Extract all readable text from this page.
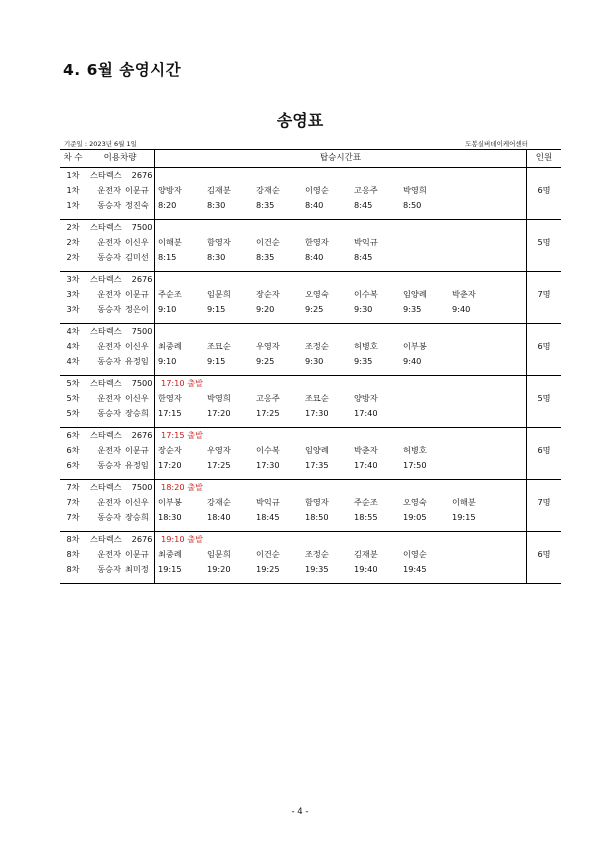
4. 6월 송영시간
송영표
기준일 : 2023년 6월 1일	도봉실버데이케어센터
차 수	이용차량	탑승시간표	인원
1차	스타렉스 2676		
1차	운전자 이문규	양방자 김재분 강재순 이영순 고응주 박영희	6명
1차	동승자 정진숙	8:20 8:30 8:35 8:40 8:45 8:50	

2차	스타렉스 7500		
2차	운전자 이신우	이해분 함영자 이건순 한영자 박익규	5명
2차	동승자 김미선	8:15 8:30 8:35 8:40 8:45	

3차	스타렉스 2676		
3차	운전자 이문규	주순조 임문희 장순자 오영숙 이수복 임양례 박춘자	7명
3차	동승자 정은이	9:10 9:15 9:20 9:25 9:30 9:35 9:40	

4차	스타렉스 7500		
4차	운전자 이신우	최중례 조묘순 우영자 조정순 허병호 이부봉	6명
4차	동승자 유정임	9:10 9:15 9:25 9:30 9:35 9:40	

5차	스타렉스 7500	17:10 출발	
5차	운전자 이신우	한영자 박영희 고응주 조묘순 양방자	5명
5차	동승자 장승희	17:15 17:20 17:25 17:30 17:40	

6차	스타렉스 2676	17:15 출발	
6차	운전자 이문규	장순자 우영자 이수복 임양례 박춘자 허병호	6명
6차	동승자 유정임	17:20 17:25 17:30 17:35 17:40 17:50	

7차	스타렉스 7500	18:20 출발	
7차	운전자 이신우	이부봉 강재순 박익규 함영자 주순조 오영숙 이해분	7명
7차	동승자 장승희	18:30 18:40 18:45 18:50 18:55 19:05 19:15	

8차	스타렉스 2676	19:10 출발	
8차	운전자 이문규	최중례 임문희 이건순 조정순 김재분 이영순	6명
8차	동승자 최미정	19:15 19:20 19:25 19:35 19:40 19:45	

- 4 -
